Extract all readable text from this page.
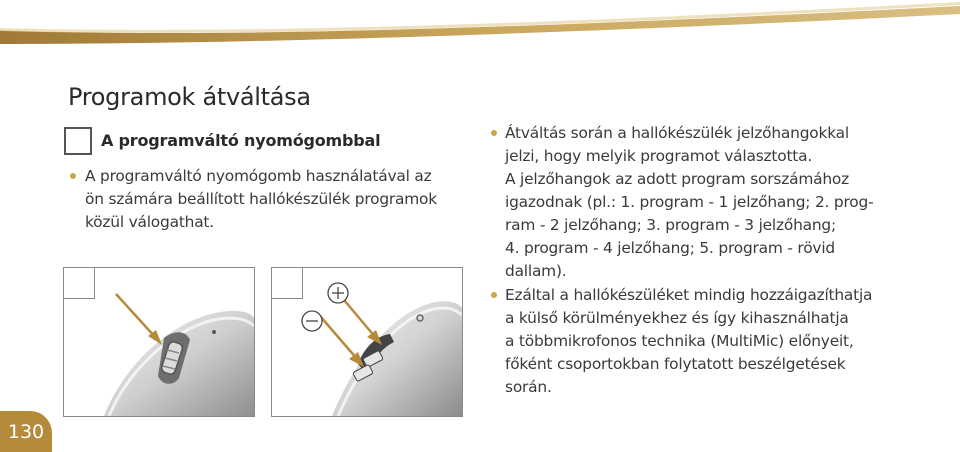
Programok átváltása
A programváltó nyomógombbal
A programváltó nyomógomb használatával az
ön számára beállított hallókészülék programok
közül válogathat.
Átváltás során a hallókészülék jelzőhangokkal
jelzi, hogy melyik programot választotta.
A jelzőhangok az adott program sorszámához
igazodnak (pl.: 1. program - 1 jelzőhang; 2. prog-
ram - 2 jelzőhang; 3. program - 3 jelzőhang;
4. program - 4 jelzőhang; 5. program - rövid
dallam).
Ezáltal a hallókészüléket mindig hozzáigazíthatja
a külső körülményekhez és így kihasználhatja
a többmikrofonos technika (MultiMic) előnyeit,
főként csoportokban folytatott beszélgetések
során.
130
